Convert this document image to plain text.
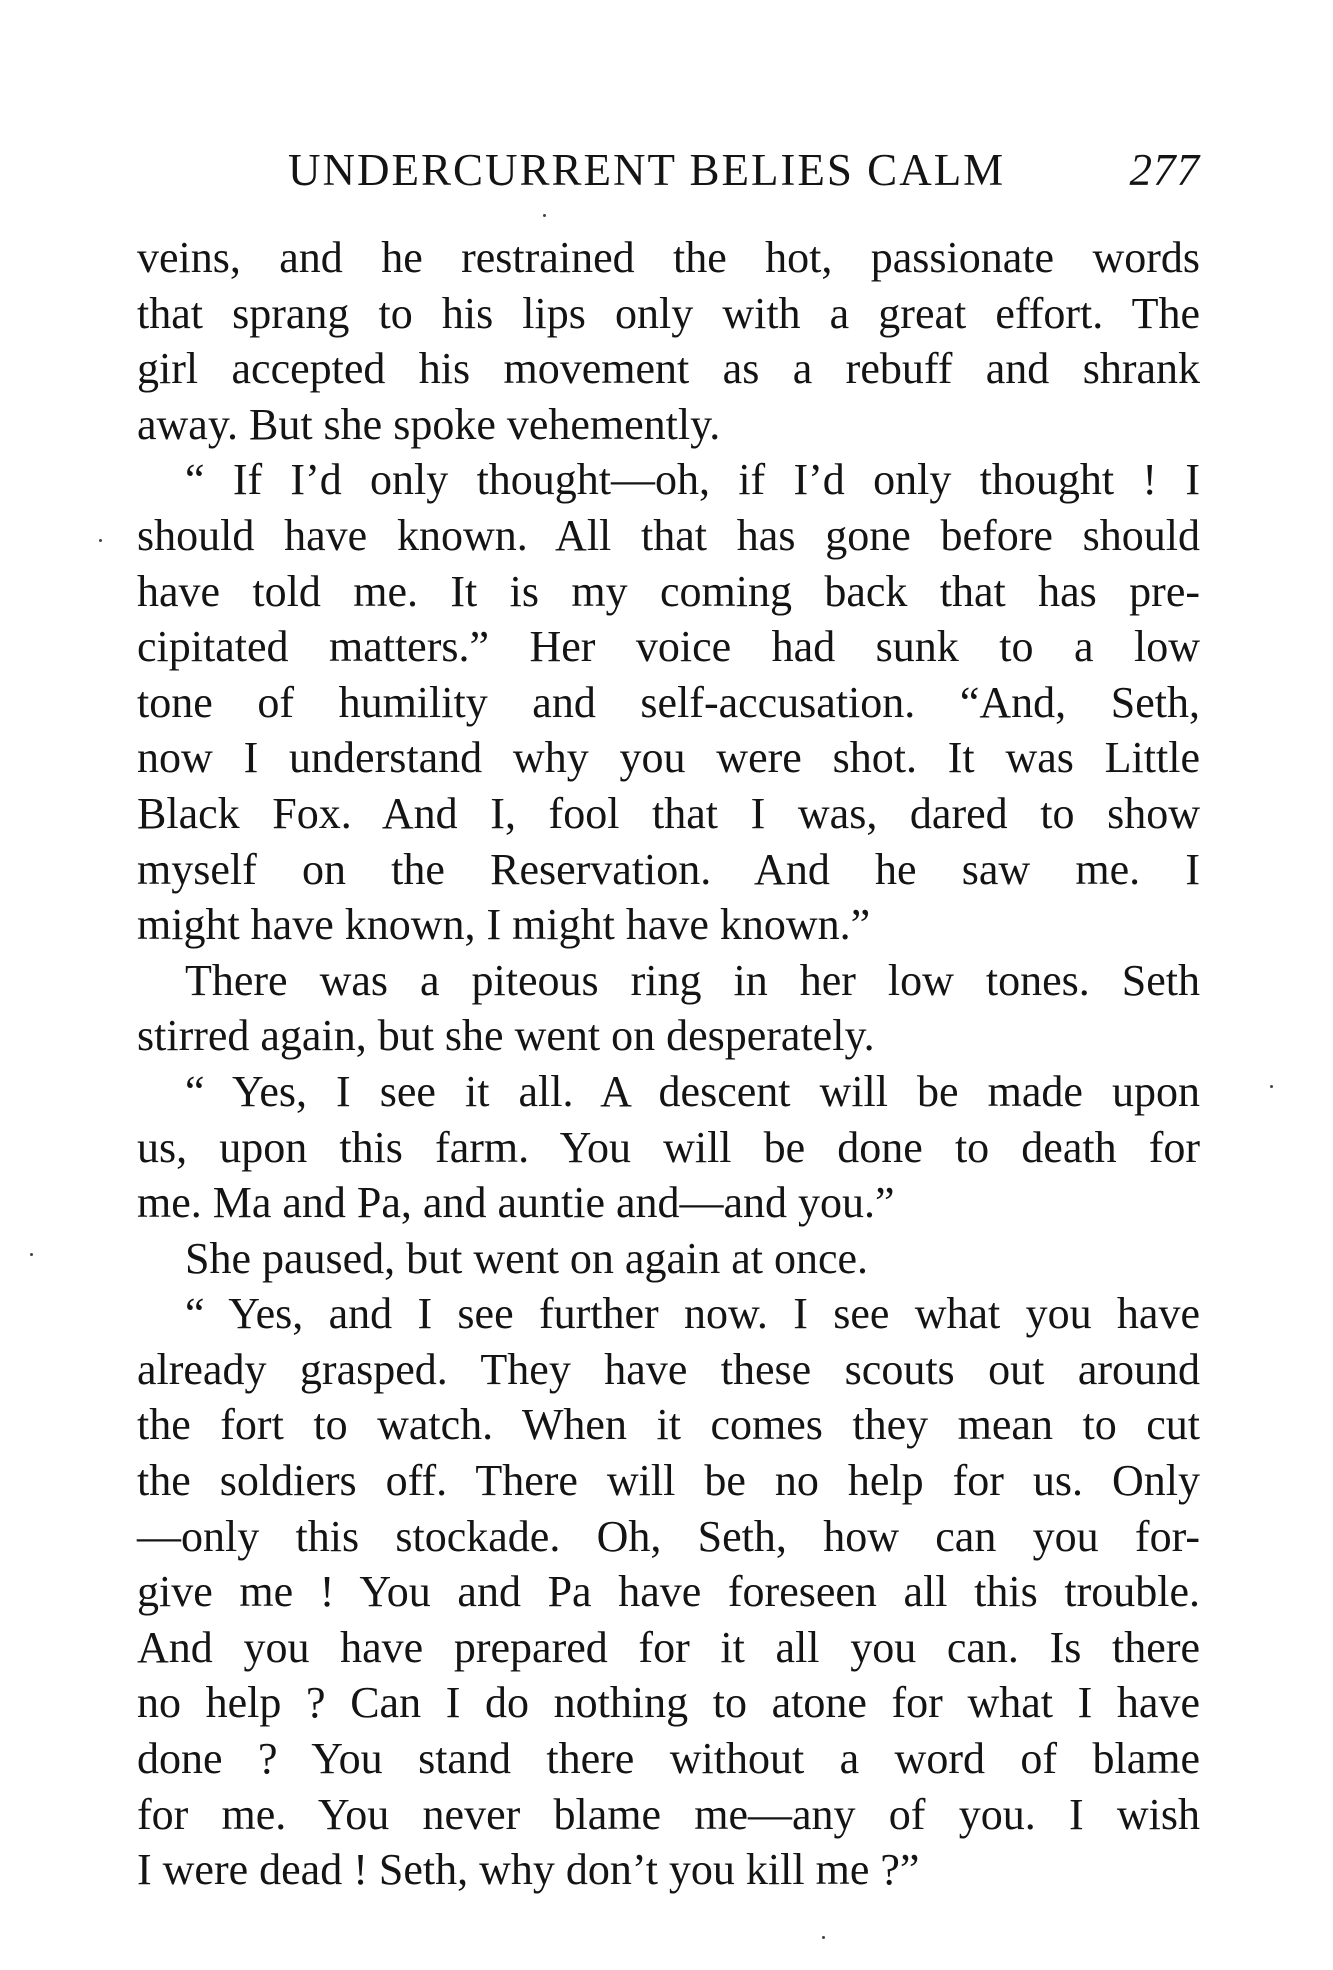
UNDERCURRENT BELIES CALM	277
veins, and he restrained the hot, passionate words
that sprang to his lips only with a great effort. The
girl accepted his movement as a rebuff and shrank
away. But she spoke vehemently.
“ If I’d only thought—oh, if I’d only thought ! I
should have known. All that has gone before should
have told me. It is my coming back that has pre-
cipitated matters.” Her voice had sunk to a low
tone of humility and self-accusation. “And, Seth,
now I understand why you were shot. It was Little
Black Fox. And I, fool that I was, dared to show
myself on the Reservation. And he saw me. I
might have known, I might have known.”
There was a piteous ring in her low tones. Seth
stirred again, but she went on desperately.
“ Yes, I see it all. A descent will be made upon
us, upon this farm. You will be done to death for
me. Ma and Pa, and auntie and—and you.”
She paused, but went on again at once.
“ Yes, and I see further now. I see what you have
already grasped. They have these scouts out around
the fort to watch. When it comes they mean to cut
the soldiers off. There will be no help for us. Only
—only this stockade. Oh, Seth, how can you for-
give me ! You and Pa have foreseen all this trouble.
And you have prepared for it all you can. Is there
no help ? Can I do nothing to atone for what I have
done ? You stand there without a word of blame
for me. You never blame me—any of you. I wish
I were dead ! Seth, why don’t you kill me ?”
